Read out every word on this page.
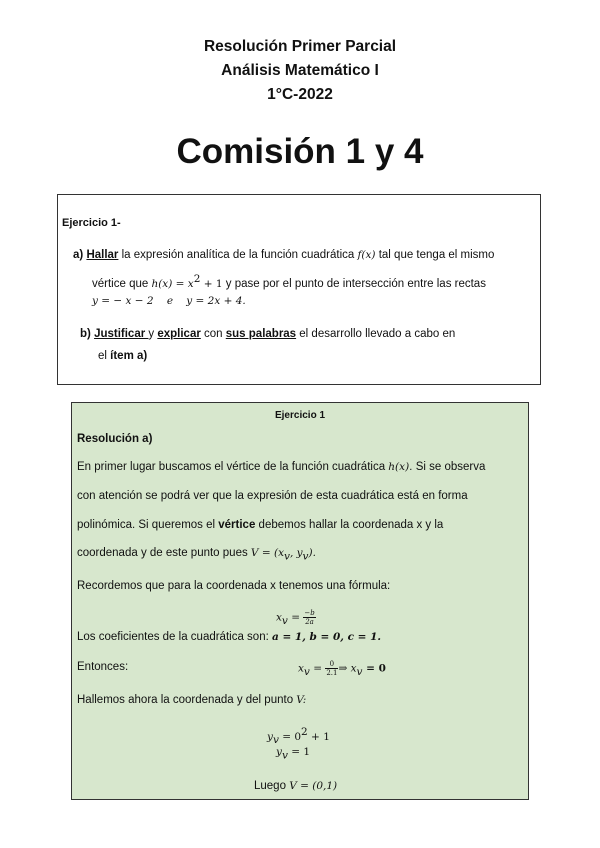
Resolución Primer Parcial
Análisis Matemático I
1°C-2022
Comisión 1 y 4
Ejercicio 1-
a) Hallar la expresión analítica de la función cuadrática f(x) tal que tenga el mismo
vértice que $h(x) = x^2 + 1$ y pase por el punto de intersección entre las rectas
y = − x − 2 e y = 2x + 4.
b) Justificar y explicar con sus palabras el desarrollo llevado a cabo en
el ítem a)
Ejercicio 1
Resolución a)
En primer lugar buscamos el vértice de la función cuadrática h(x). Si se observa
con atención se podrá ver que la expresión de esta cuadrática está en forma
polinómica. Si queremos el vértice debemos hallar la coordenada x y la
coordenada y de este punto pues $V = (x_v$, $y_v$).
Recordemos que para la coordenada x tenemos una fórmula:
$x_v = \frac{-b}{2a}$
Los coeficientes de la cuadrática son: a = 1, b = 0, c = 1.
Entonces:	$x_v = \frac{0}{2.1}$ ⇒ $x_v = 0$
Hallemos ahora la coordenada y del punto V:
$y_v = 0^2 + 1$
$y_v = 1$
Luego V = (0,1)
